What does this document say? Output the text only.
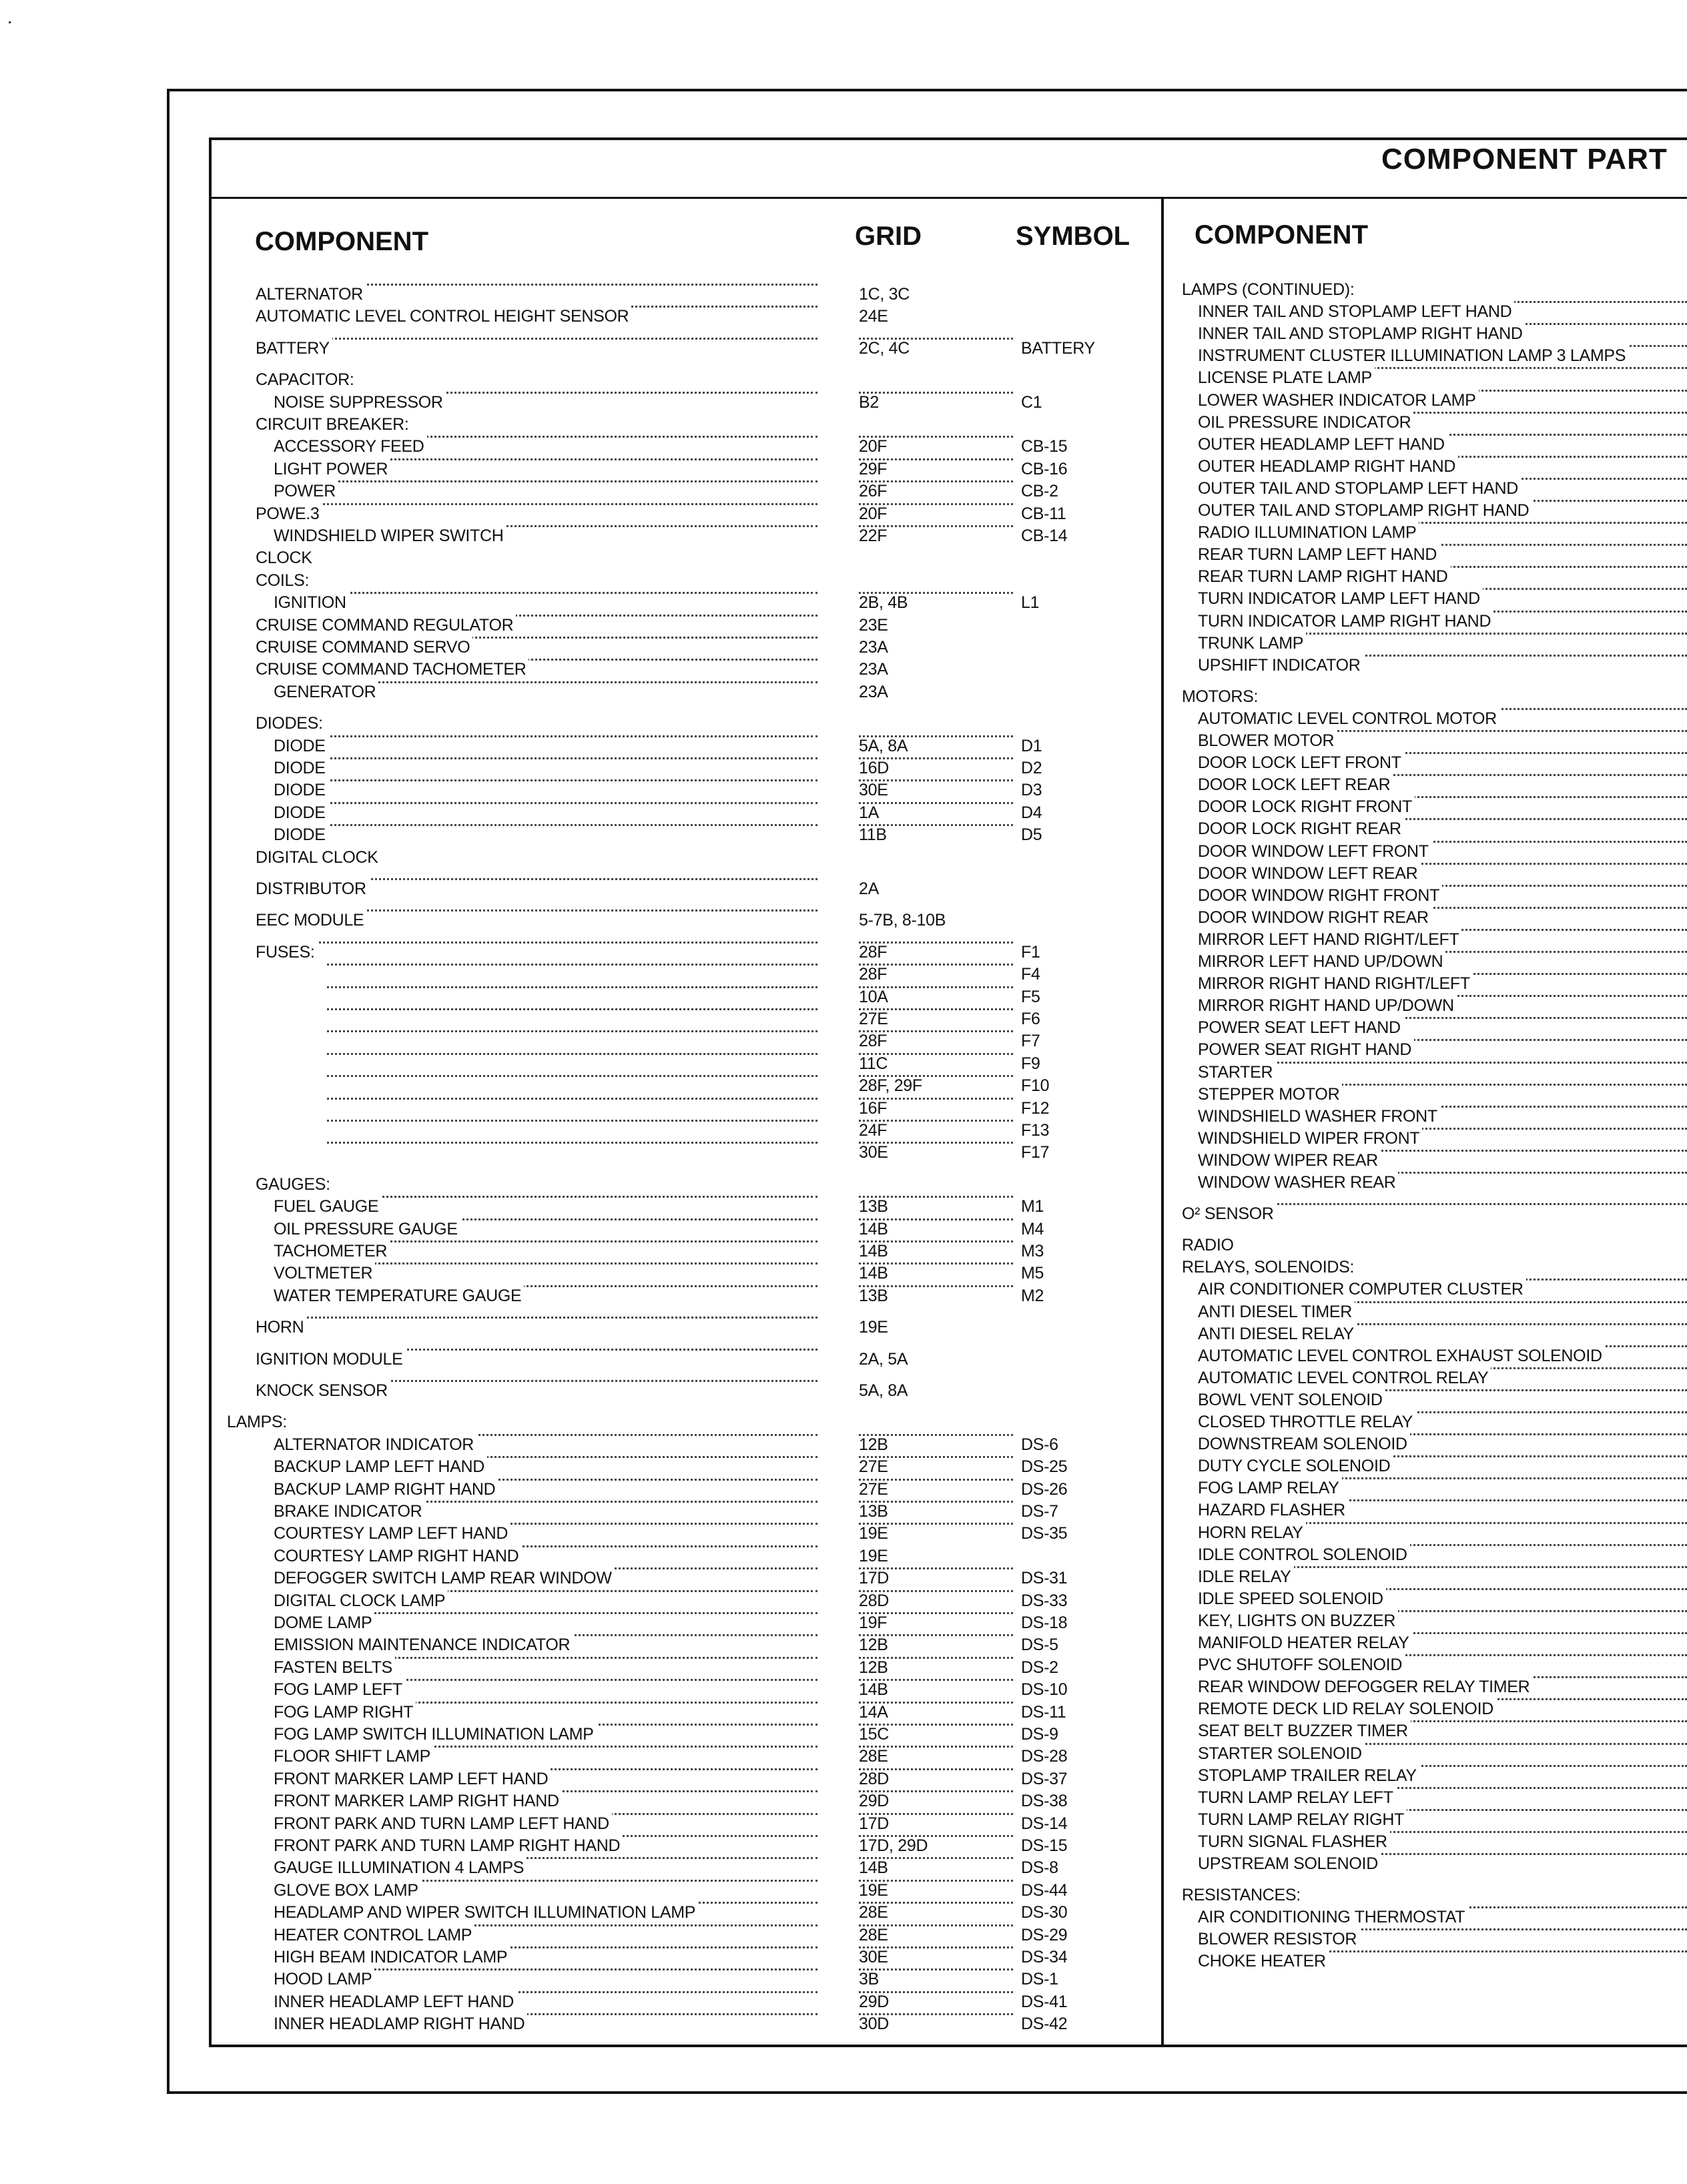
·
COMPONENT PART
COMPONENT	GRID	SYMBOL COMPONENT
ALTERNATOR	1C, 3C
AUTOMATIC LEVEL CONTROL HEIGHT SENSOR	24E
BATTERY	2C, 4C	BATTERY
CAPACITOR:
NOISE SUPPRESSOR	B2	C1
CIRCUIT BREAKER:
ACCESSORY FEED	20F	CB-15
LIGHT POWER	29F	CB-16
POWER	26F	CB-2
POWE.3	20F	CB-11
WINDSHIELD WIPER SWITCH	22F	CB-14
CLOCK
COILS:
IGNITION	2B, 4B	L1
CRUISE COMMAND REGULATOR	23E
CRUISE COMMAND SERVO	23A
CRUISE COMMAND TACHOMETER	23A
GENERATOR	23A
DIODES:
DIODE	5A, 8A	D1
DIODE	16D	D2
DIODE	30E	D3
DIODE	1A	D4
DIODE	11B	D5
DIGITAL CLOCK
DISTRIBUTOR	2A
EEC MODULE	5-7B, 8-10B
FUSES:	28F	F1
28F	F4
10A	F5
27E	F6
28F	F7
11C	F9
28F, 29F	F10
16F	F12
24F	F13
30E	F17
GAUGES:
FUEL GAUGE	13B	M1
OIL PRESSURE GAUGE	14B	M4
TACHOMETER	14B	M3
VOLTMETER	14B	M5
WATER TEMPERATURE GAUGE	13B	M2
HORN	19E
IGNITION MODULE	2A, 5A
KNOCK SENSOR	5A, 8A
LAMPS:
ALTERNATOR INDICATOR	12B	DS-6
BACKUP LAMP LEFT HAND	27E	DS-25
BACKUP LAMP RIGHT HAND	27E	DS-26
BRAKE INDICATOR	13B	DS-7
COURTESY LAMP LEFT HAND	19E	DS-35
COURTESY LAMP RIGHT HAND	19E
DEFOGGER SWITCH LAMP REAR WINDOW	17D	DS-31
DIGITAL CLOCK LAMP	28D	DS-33
DOME LAMP	19F	DS-18
EMISSION MAINTENANCE INDICATOR	12B	DS-5
FASTEN BELTS	12B	DS-2
FOG LAMP LEFT	14B	DS-10
FOG LAMP RIGHT	14A	DS-11
FOG LAMP SWITCH ILLUMINATION LAMP	15C	DS-9
FLOOR SHIFT LAMP	28E	DS-28
FRONT MARKER LAMP LEFT HAND	28D	DS-37
FRONT MARKER LAMP RIGHT HAND	29D	DS-38
FRONT PARK AND TURN LAMP LEFT HAND	17D	DS-14
FRONT PARK AND TURN LAMP RIGHT HAND	17D, 29D	DS-15
GAUGE ILLUMINATION 4 LAMPS	14B	DS-8
GLOVE BOX LAMP	19E	DS-44
HEADLAMP AND WIPER SWITCH ILLUMINATION LAMP	28E	DS-30
HEATER CONTROL LAMP	28E	DS-29
HIGH BEAM INDICATOR LAMP	30E	DS-34
HOOD LAMP	3B	DS-1
INNER HEADLAMP LEFT HAND	29D	DS-41
INNER HEADLAMP RIGHT HAND	30D	DS-42
LAMPS (CONTINUED):
INNER TAIL AND STOPLAMP LEFT HAND
INNER TAIL AND STOPLAMP RIGHT HAND
INSTRUMENT CLUSTER ILLUMINATION LAMP 3 LAMPS
LICENSE PLATE LAMP
LOWER WASHER INDICATOR LAMP
OIL PRESSURE INDICATOR
OUTER HEADLAMP LEFT HAND
OUTER HEADLAMP RIGHT HAND
OUTER TAIL AND STOPLAMP LEFT HAND
OUTER TAIL AND STOPLAMP RIGHT HAND
RADIO ILLUMINATION LAMP
REAR TURN LAMP LEFT HAND
REAR TURN LAMP RIGHT HAND
TURN INDICATOR LAMP LEFT HAND
TURN INDICATOR LAMP RIGHT HAND
TRUNK LAMP
UPSHIFT INDICATOR
MOTORS:
AUTOMATIC LEVEL CONTROL MOTOR
BLOWER MOTOR
DOOR LOCK LEFT FRONT
DOOR LOCK LEFT REAR
DOOR LOCK RIGHT FRONT
DOOR LOCK RIGHT REAR
DOOR WINDOW LEFT FRONT
DOOR WINDOW LEFT REAR
DOOR WINDOW RIGHT FRONT
DOOR WINDOW RIGHT REAR
MIRROR LEFT HAND RIGHT/LEFT
MIRROR LEFT HAND UP/DOWN
MIRROR RIGHT HAND RIGHT/LEFT
MIRROR RIGHT HAND UP/DOWN
POWER SEAT LEFT HAND
POWER SEAT RIGHT HAND
STARTER
STEPPER MOTOR
WINDSHIELD WASHER FRONT
WINDSHIELD WIPER FRONT
WINDOW WIPER REAR
WINDOW WASHER REAR
O² SENSOR
RADIO
RELAYS, SOLENOIDS:
AIR CONDITIONER COMPUTER CLUSTER
ANTI DIESEL TIMER
ANTI DIESEL RELAY
AUTOMATIC LEVEL CONTROL EXHAUST SOLENOID
AUTOMATIC LEVEL CONTROL RELAY
BOWL VENT SOLENOID
CLOSED THROTTLE RELAY
DOWNSTREAM SOLENOID
DUTY CYCLE SOLENOID
FOG LAMP RELAY
HAZARD FLASHER
HORN RELAY
IDLE CONTROL SOLENOID
IDLE RELAY
IDLE SPEED SOLENOID
KEY, LIGHTS ON BUZZER
MANIFOLD HEATER RELAY
PVC SHUTOFF SOLENOID
REAR WINDOW DEFOGGER RELAY TIMER
REMOTE DECK LID RELAY SOLENOID
SEAT BELT BUZZER TIMER
STARTER SOLENOID
STOPLAMP TRAILER RELAY
TURN LAMP RELAY LEFT
TURN LAMP RELAY RIGHT
TURN SIGNAL FLASHER
UPSTREAM SOLENOID
RESISTANCES:
AIR CONDITIONING THERMOSTAT
BLOWER RESISTOR
CHOKE HEATER
